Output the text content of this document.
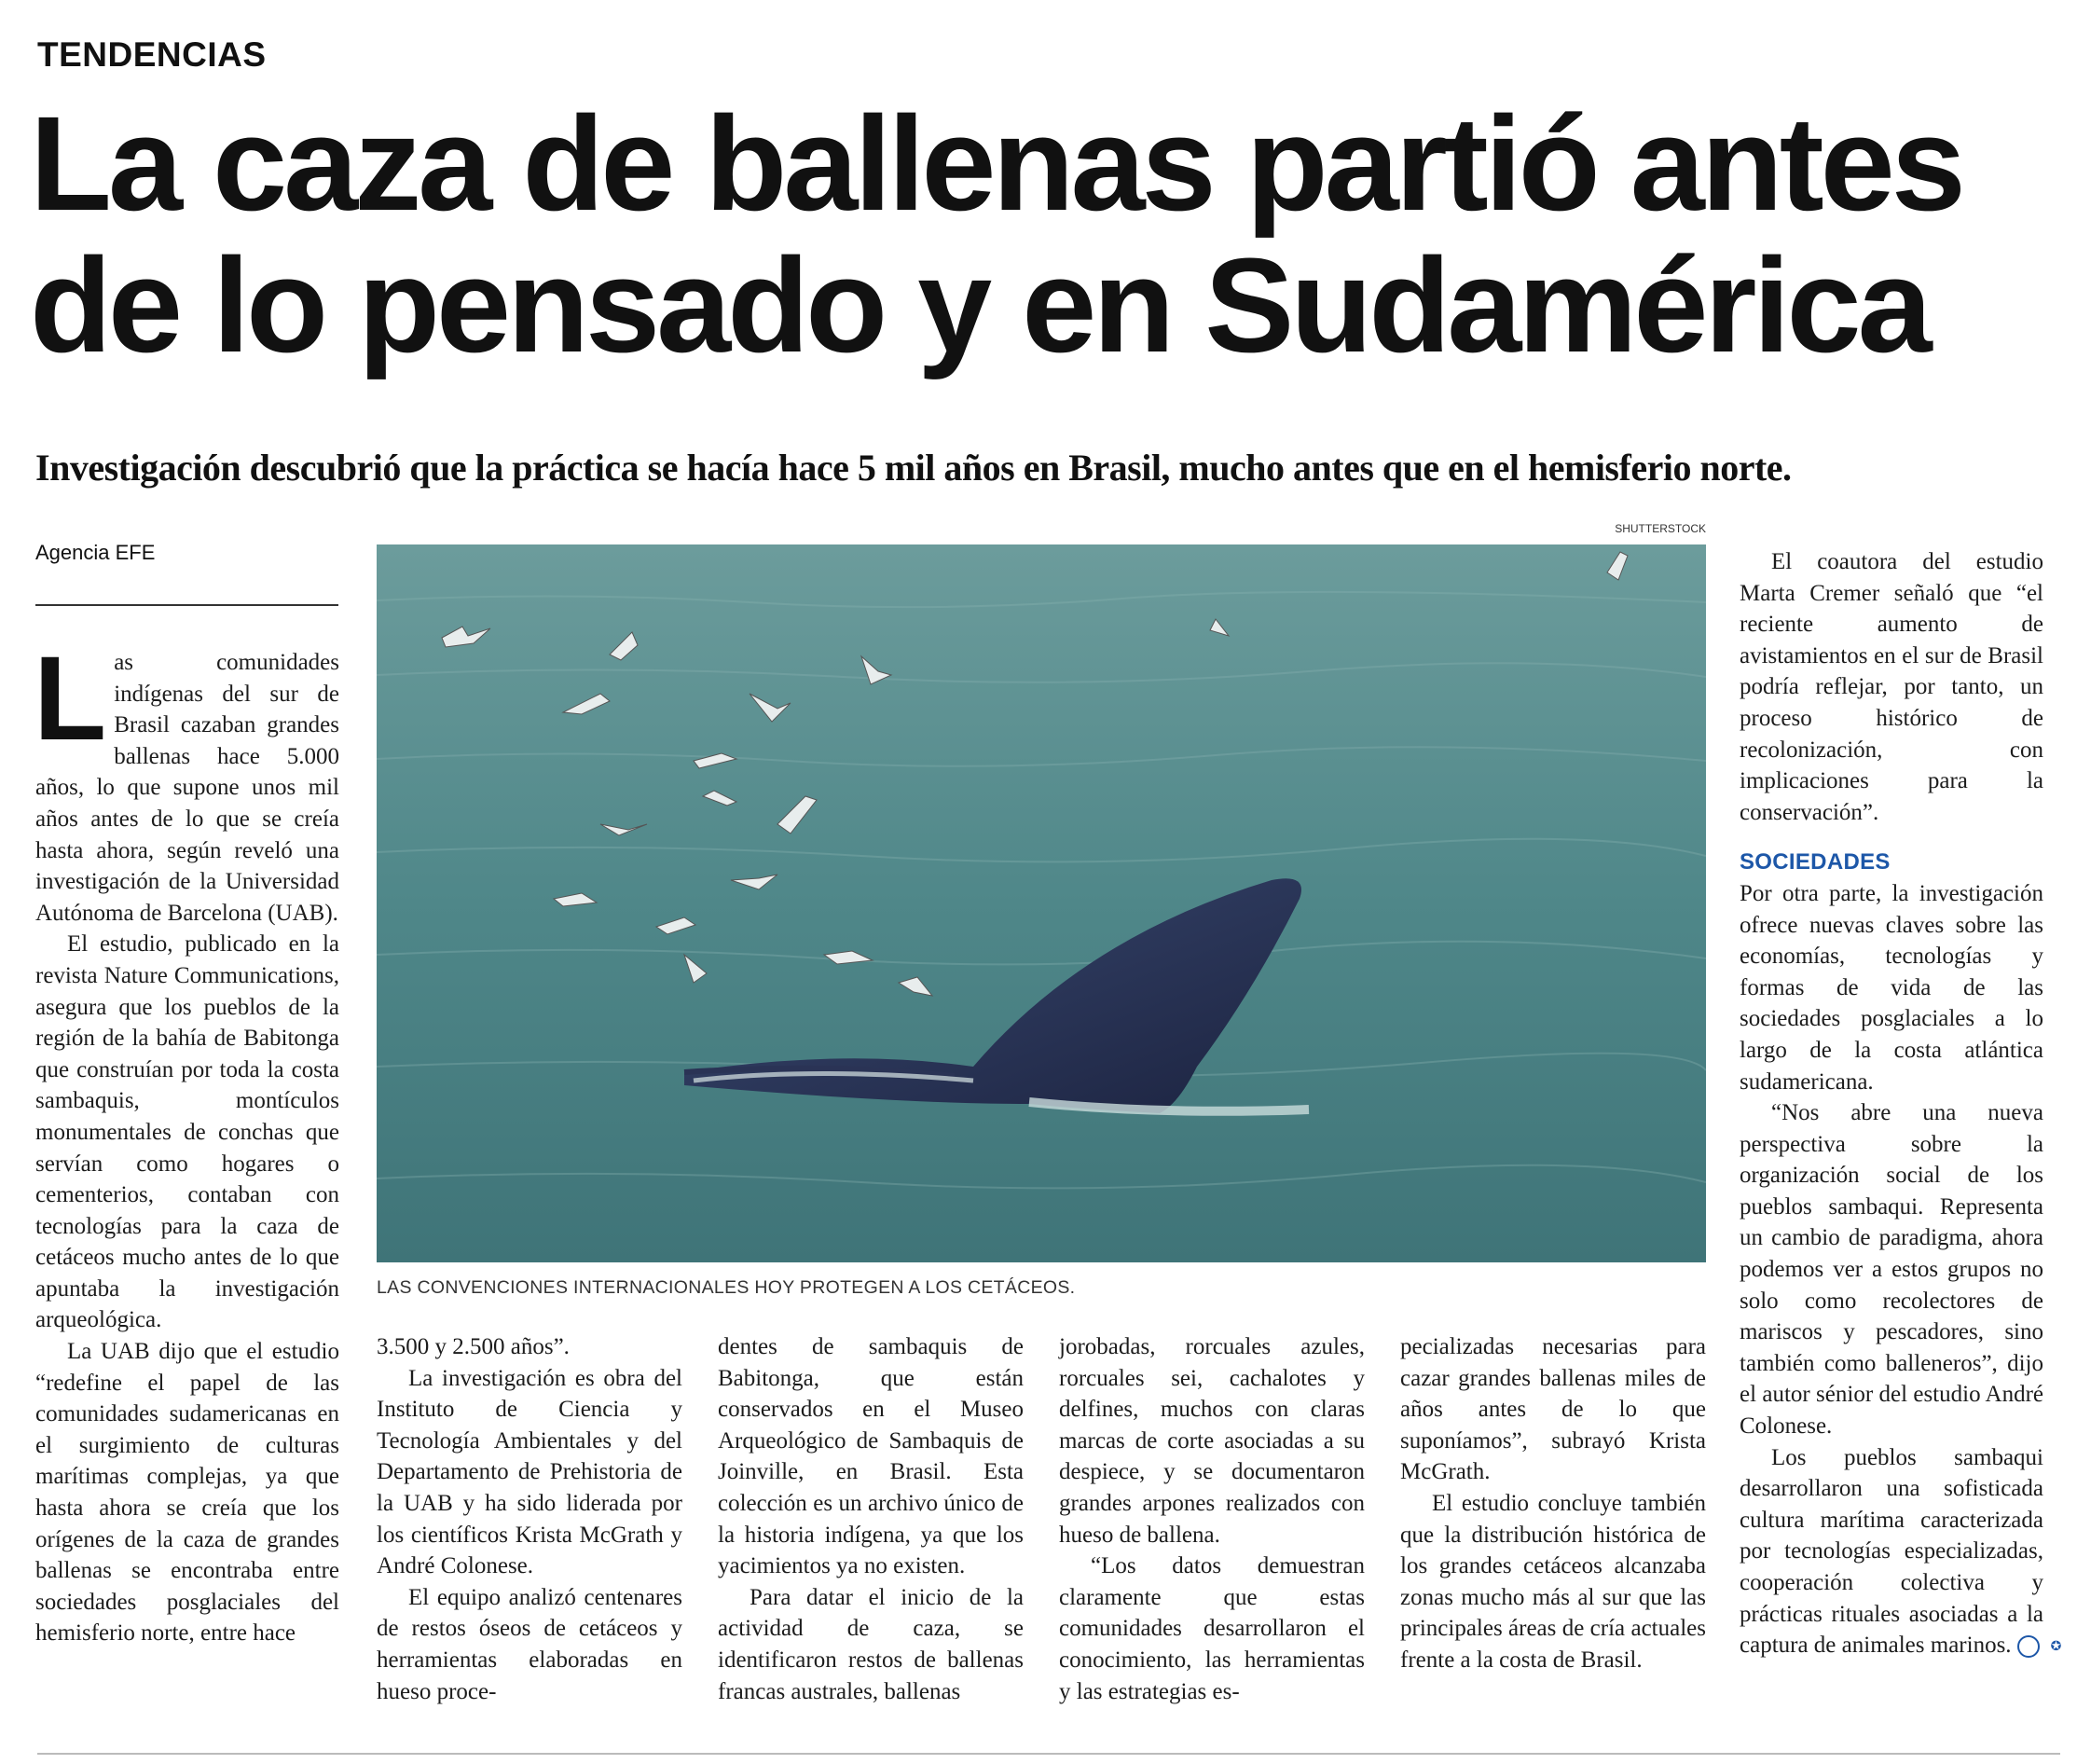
TENDENCIAS
La caza de ballenas partió antes
de lo pensado y en Sudamérica
Investigación descubrió que la práctica se hacía hace 5 mil años en Brasil, mucho antes que en el hemisferio norte.
Agencia EFE
SHUTTERSTOCK
LAS CONVENCIONES INTERNACIONALES HOY PROTEGEN A LOS CETÁCEOS.
L as comunidades indígenas del sur de Brasil cazaban grandes ballenas hace 5.000 años, lo que supone unos mil años antes de lo que se creía hasta ahora, según reveló una investigación de la Universidad Autónoma de Barcelona (UAB).

El estudio, publicado en la revista Nature Communications, asegura que los pueblos de la región de la bahía de Babitonga que construían por toda la costa sambaquis, montículos monumentales de conchas que servían como hogares o cementerios, contaban con tecnologías para la caza de cetáceos mucho antes de lo que apuntaba la investigación arqueológica.

La UAB dijo que el estudio “redefine el papel de las comunidades sudamericanas en el surgimiento de culturas marítimas complejas, ya que hasta ahora se creía que los orígenes de la caza de grandes ballenas se encontraba entre sociedades posglaciales del hemisferio norte, entre hace

3.500 y 2.500 años”.

La investigación es obra del Instituto de Ciencia y Tecnología Ambientales y del Departamento de Prehistoria de la UAB y ha sido liderada por los científicos Krista McGrath y André Colonese.

El equipo analizó centenares de restos óseos de cetáceos y herramientas elaboradas en hueso proce-

dentes de sambaquis de Babitonga, que están conservados en el Museo Arqueológico de Sambaquis de Joinville, en Brasil. Esta colección es un archivo único de la historia indígena, ya que los yacimientos ya no existen.

Para datar el inicio de la actividad de caza, se identificaron restos de ballenas francas australes, ballenas

jorobadas, rorcuales azules, rorcuales sei, cachalotes y delfines, muchos con claras marcas de corte asociadas a su despiece, y se documentaron grandes arpones realizados con hueso de ballena.

“Los datos demuestran claramente que estas comunidades desarrollaron el conocimiento, las herramientas y las estrategias es-

pecializadas necesarias para cazar grandes ballenas miles de años antes de lo que suponíamos”, subrayó Krista McGrath.

El estudio concluye también que la distribución histórica de los grandes cetáceos alcanzaba zonas mucho más al sur que las principales áreas de cría actuales frente a la costa de Brasil.

El coautora del estudio Marta Cremer señaló que “el reciente aumento de avistamientos en el sur de Brasil podría reflejar, por tanto, un proceso histórico de recolonización, con implicaciones para la conservación”.

SOCIEDADES

Por otra parte, la investigación ofrece nuevas claves sobre las economías, tecnologías y formas de vida de las sociedades posglaciales a lo largo de la costa atlántica sudamericana.

“Nos abre una nueva perspectiva sobre la organización social de los pueblos sambaqui. Representa un cambio de paradigma, ahora podemos ver a estos grupos no solo como recolectores de mariscos y pescadores, sino también como balleneros”, dijo el autor sénior del estudio André Colonese.

Los pueblos sambaqui desarrollaron una sofisticada cultura marítima caracterizada por tecnologías especializadas, cooperación colectiva y prácticas rituales asociadas a la captura de animales marinos.	✪
